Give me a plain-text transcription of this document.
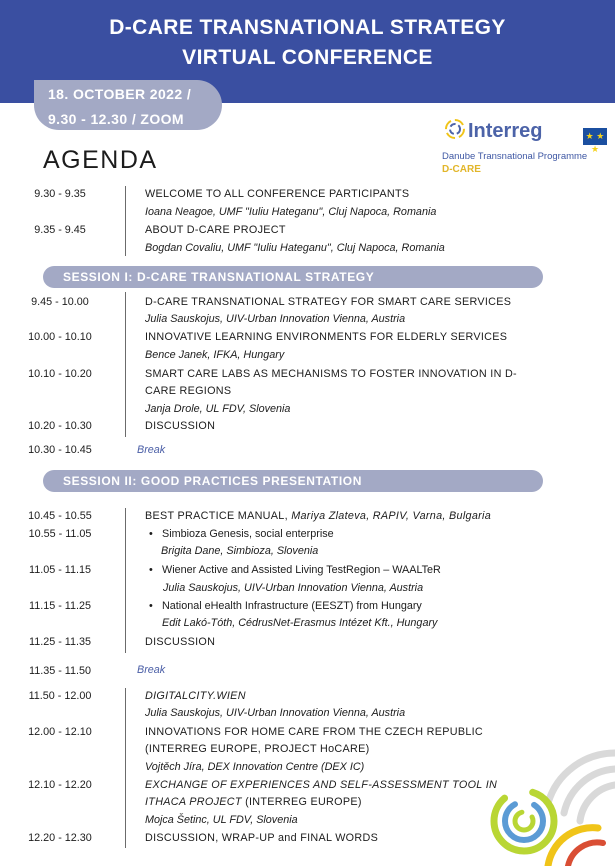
D-CARE TRANSNATIONAL STRATEGY
VIRTUAL CONFERENCE
18. OCTOBER 2022 /
9.30 - 12.30 / ZOOM
Interreg	★ ★ ★
Danube Transnational Programme
D-CARE
AGENDA
9.30 - 9.35	WELCOME TO ALL CONFERENCE PARTICIPANTS
Ioana Neagoe, UMF "Iuliu Hateganu", Cluj Napoca, Romania
9.35 - 9.45	ABOUT D-CARE PROJECT
Bogdan Covaliu, UMF "Iuliu Hateganu", Cluj Napoca, Romania
SESSION I: D-CARE TRANSNATIONAL STRATEGY
9.45 - 10.00	D-CARE TRANSNATIONAL STRATEGY FOR SMART CARE SERVICES
Julia Sauskojus, UIV-Urban Innovation Vienna, Austria
10.00 - 10.10	INNOVATIVE LEARNING ENVIRONMENTS FOR ELDERLY SERVICES
Bence Janek, IFKA, Hungary
10.10 - 10.20	SMART CARE LABS AS MECHANISMS TO FOSTER INNOVATION IN D-
CARE REGIONS
Janja Drole, UL FDV, Slovenia
10.20 - 10.30	DISCUSSION
10.30 - 10.45	Break
SESSION II: GOOD PRACTICES PRESENTATION
10.45 - 10.55	BEST PRACTICE MANUAL, Mariya Zlateva, RAPIV, Varna, Bulgaria
10.55 - 11.05	• Simbioza Genesis, social enterprise
Brigita Dane, Simbioza, Slovenia
11.05 - 11.15	• Wiener Active and Assisted Living TestRegion – WAALTeR
Julia Sauskojus, UIV-Urban Innovation Vienna, Austria
11.15 - 11.25	• National eHealth Infrastructure (EESZT) from Hungary
Edit Lakó-Tóth, CédrusNet-Erasmus Intézet Kft., Hungary
11.25 - 11.35	DISCUSSION
11.35 - 11.50	Break
11.50 - 12.00	DIGITALCITY.WIEN
Julia Sauskojus, UIV-Urban Innovation Vienna, Austria
12.00 - 12.10	INNOVATIONS FOR HOME CARE FROM THE CZECH REPUBLIC
(INTERREG EUROPE, PROJECT HoCARE)
Vojtěch Jíra, DEX Innovation Centre (DEX IC)
12.10 - 12.20	EXCHANGE OF EXPERIENCES AND SELF-ASSESSMENT TOOL IN
ITHACA PROJECT (INTERREG EUROPE)
Mojca Šetinc, UL FDV, Slovenia
12.20 - 12.30	DISCUSSION, WRAP-UP and FINAL WORDS
